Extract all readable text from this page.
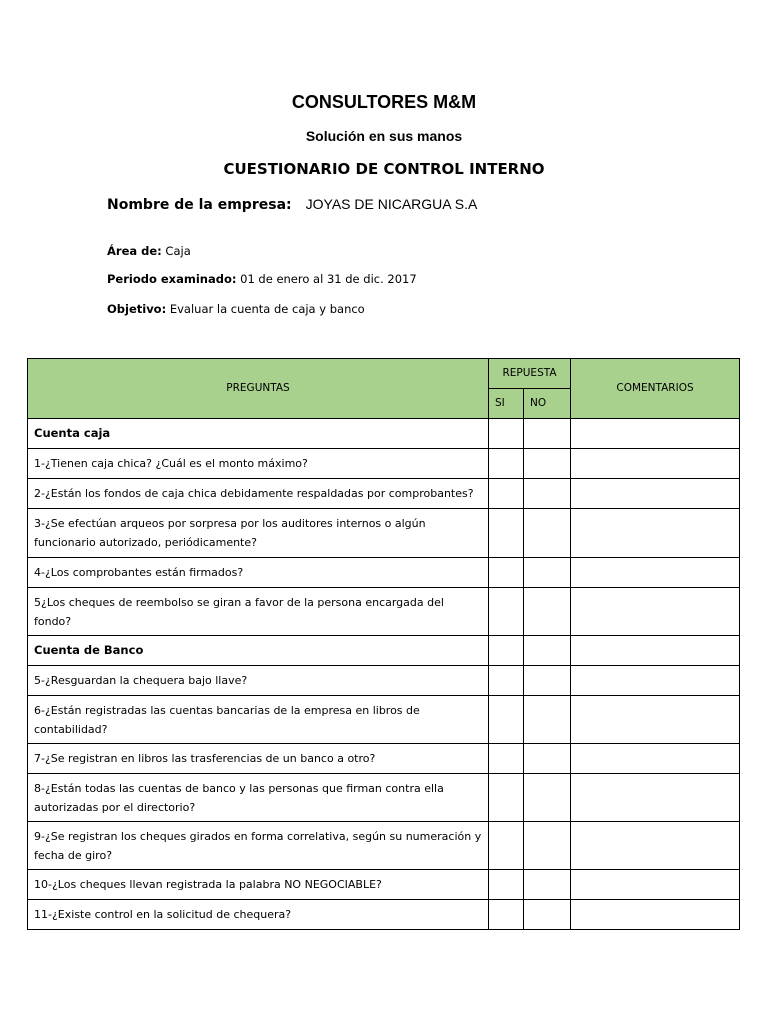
CONSULTORES M&M
Solución en sus manos
CUESTIONARIO DE CONTROL INTERNO
Nombre de la empresa: JOYAS DE NICARGUA S.A
Área de: Caja
Periodo examinado: 01 de enero al 31 de dic. 2017
Objetivo: Evaluar la cuenta de caja y banco
PREGUNTAS	REPUESTA		COMENTARIOS
	SI	NO	
Cuenta caja			
1-¿Tienen caja chica? ¿Cuál es el monto máximo?			
2-¿Están los fondos de caja chica debidamente respaldadas por comprobantes?			
3-¿Se efectúan arqueos por sorpresa por los auditores internos o algún funcionario autorizado, periódicamente?			
4-¿Los comprobantes están firmados?			
5¿Los cheques de reembolso se giran a favor de la persona encargada del fondo?			
Cuenta de Banco			
5-¿Resguardan la chequera bajo llave?			
6-¿Están registradas las cuentas bancarias de la empresa en libros de contabilidad?			
7-¿Se registran en libros las trasferencias de un banco a otro?			
8-¿Están todas las cuentas de banco y las personas que firman contra ella autorizadas por el directorio?			
9-¿Se registran los cheques girados en forma correlativa, según su numeración y fecha de giro?			
10-¿Los cheques llevan registrada la palabra NO NEGOCIABLE?			
11-¿Existe control en la solicitud de chequera?			
